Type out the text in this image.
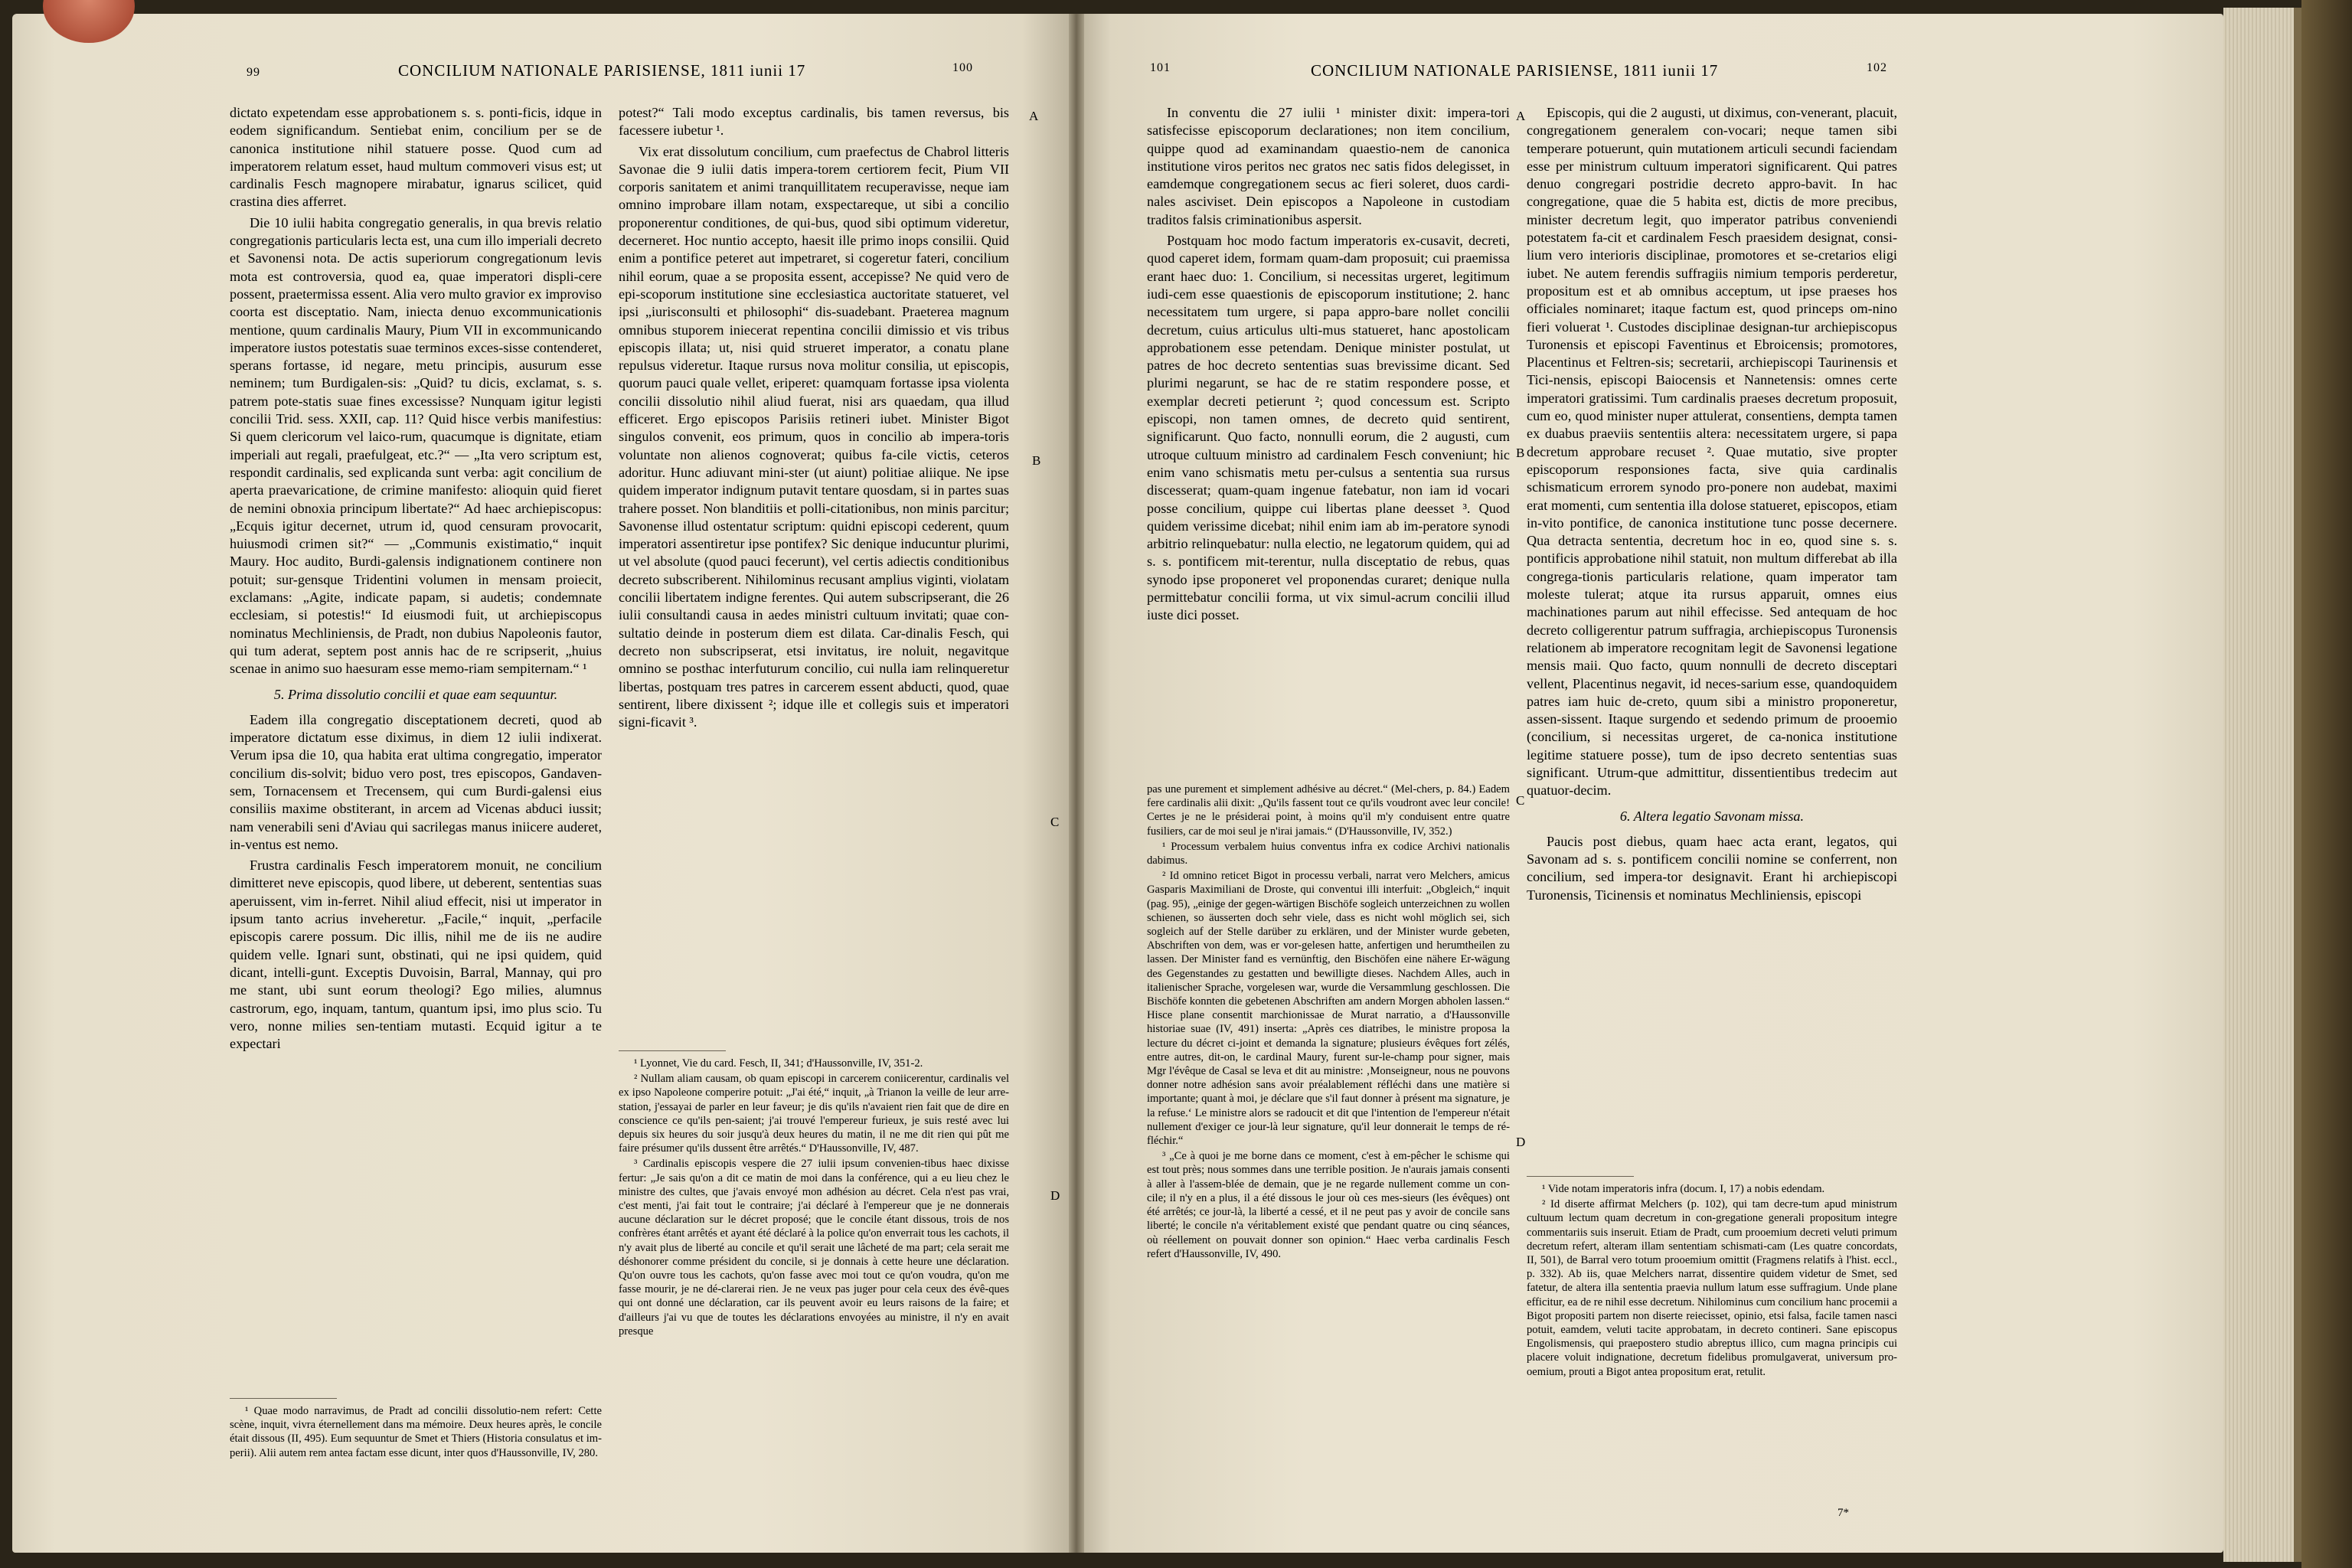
99	CONCILIUM NATIONALE PARISIENSE, 1811 iunii 17	100	101	CONCILIUM NATIONALE PARISIENSE, 1811 iunii 17	102
A
B
C
D
A
B
C
D

dictato expetendam esse approbationem s. s. ponti-ficis, idque in eodem significandum. Sentiebat enim, concilium per se de canonica institutione nihil statuere posse. Quod cum ad imperatorem relatum esset, haud multum commoveri visus est; ut cardinalis Fesch magnopere mirabatur, ignarus scilicet, quid crastina dies afferret.

Die 10 iulii habita congregatio generalis, in qua brevis relatio congregationis particularis lecta est, una cum illo imperiali decreto et Savonensi nota. De actis superiorum congregationum levis mota est controversia, quod ea, quae imperatori displi-cere possent, praetermissa essent. Alia vero multo gravior ex improviso coorta est disceptatio. Nam, iniecta denuo excommunicationis mentione, quum cardinalis Maury, Pium VII in excommunicando imperatore iustos potestatis suae terminos exces-sisse contenderet, sperans fortasse, id negare, metu principis, ausurum esse neminem; tum Burdigalen-sis: „Quid? tu dicis, exclamat, s. s. patrem pote-statis suae fines excessisse? Nunquam igitur legisti concilii Trid. sess. XXII, cap. 11? Quid hisce verbis manifestius: Si quem clericorum vel laico-rum, quacumque is dignitate, etiam imperiali aut regali, praefulgeat, etc.?“ — „Ita vero scriptum est, respondit cardinalis, sed explicanda sunt verba: agit concilium de aperta praevaricatione, de crimine manifesto: alioquin quid fieret de nemini obnoxia principum libertate?“ Ad haec archiepiscopus: „Ecquis igitur decernet, utrum id, quod censuram provocarit, huiusmodi crimen sit?“ — „Communis existimatio,“ inquit Maury. Hoc audito, Burdi-galensis indignationem continere non potuit; sur-gensque Tridentini volumen in mensam proiecit, exclamans: „Agite, indicate papam, si audetis; condemnate ecclesiam, si potestis!“ Id eiusmodi fuit, ut archiepiscopus nominatus Mechliniensis, de Pradt, non dubius Napoleonis fautor, qui tum aderat, septem post annis hac de re scripserit, „huius scenae in animo suo haesuram esse memo-riam sempiternam.“ ¹

5. Prima dissolutio concilii et quae eam sequuntur.

Eadem illa congregatio disceptationem decreti, quod ab imperatore dictatum esse diximus, in diem 12 iulii indixerat. Verum ipsa die 10, qua habita erat ultima congregatio, imperator concilium dis-solvit; biduo vero post, tres episcopos, Gandaven-sem, Tornacensem et Trecensem, qui cum Burdi-galensi eius consiliis maxime obstiterant, in arcem ad Vicenas abduci iussit; nam venerabili seni d'Aviau qui sacrilegas manus iniicere auderet, in-ventus est nemo.

Frustra cardinalis Fesch imperatorem monuit, ne concilium dimitteret neve episcopis, quod libere, ut deberent, sententias suas aperuissent, vim in-ferret. Nihil aliud effecit, nisi ut imperator in ipsum tanto acrius inveheretur. „Facile,“ inquit, „perfacile episcopis carere possum. Dic illis, nihil me de iis ne audire quidem velle. Ignari sunt, obstinati, qui ne ipsi quidem, quid dicant, intelli-gunt. Exceptis Duvoisin, Barral, Mannay, qui pro me stant, ubi sunt eorum theologi? Ego milies, alumnus castrorum, ego, inquam, tantum, quantum ipsi, imo plus scio. Tu vero, nonne milies sen-tentiam mutasti. Ecquid igitur a te expectari

¹ Quae modo narravimus, de Pradt ad concilii dissolutio-nem refert: Cette scène, inquit, vivra éternellement dans ma mémoire. Deux heures après, le concile était dissous (II, 495). Eum sequuntur de Smet et Thiers (Historia consulatus et im-perii). Alii autem rem antea factam esse dicunt, inter quos d'Haussonville, IV, 280.

potest?“ Tali modo exceptus cardinalis, bis tamen reversus, bis facessere iubetur ¹.

Vix erat dissolutum concilium, cum praefectus de Chabrol litteris Savonae die 9 iulii datis impera-torem certiorem fecit, Pium VII corporis sanitatem et animi tranquillitatem recuperavisse, neque iam omnino improbare illam notam, exspectareque, ut sibi a concilio proponerentur conditiones, de qui-bus, quod sibi optimum videretur, decerneret. Hoc nuntio accepto, haesit ille primo inops consilii. Quid enim a pontifice peteret aut impetraret, si cogeretur fateri, concilium nihil eorum, quae a se proposita essent, accepisse? Ne quid vero de epi-scoporum institutione sine ecclesiastica auctoritate statueret, vel ipsi „iurisconsulti et philosophi“ dis-suadebant. Praeterea magnum omnibus stuporem iniecerat repentina concilii dimissio et vis tribus episcopis illata; ut, nisi quid strueret imperator, a conatu plane repulsus videretur. Itaque rursus nova molitur consilia, ut episcopis, quorum pauci quale vellet, eriperet: quamquam fortasse ipsa violenta concilii dissolutio nihil aliud fuerat, nisi ars quaedam, qua illud efficeret. Ergo episcopos Parisiis retineri iubet. Minister Bigot singulos convenit, eos primum, quos in concilio ab impera-toris voluntate non alienos cognoverat; quibus fa-cile victis, ceteros adoritur. Hunc adiuvant mini-ster (ut aiunt) politiae aliique. Ne ipse quidem imperator indignum putavit tentare quosdam, si in partes suas trahere posset. Non blanditiis et polli-citationibus, non minis parcitur; Savonense illud ostentatur scriptum: quidni episcopi cederent, quum imperatori assentiretur ipse pontifex? Sic denique inducuntur plurimi, ut vel absolute (quod pauci fecerunt), vel certis adiectis conditionibus decreto subscriberent. Nihilominus recusant amplius viginti, violatam concilii libertatem indigne ferentes. Qui autem subscripserant, die 26 iulii consultandi causa in aedes ministri cultuum invitati; quae con-sultatio deinde in posterum diem est dilata. Car-dinalis Fesch, qui decreto non subscripserat, etsi invitatus, ire noluit, negavitque omnino se posthac interfuturum concilio, cui nulla iam relinqueretur libertas, postquam tres patres in carcerem essent abducti, quod, quae sentirent, libere dixissent ²; idque ille et collegis suis et imperatori signi-ficavit ³.

¹ Lyonnet, Vie du card. Fesch, II, 341; d'Haussonville, IV, 351-2.

² Nullam aliam causam, ob quam episcopi in carcerem coniicerentur, cardinalis vel ex ipso Napoleone comperire potuit: „J'ai été,“ inquit, „à Trianon la veille de leur arre-station, j'essayai de parler en leur faveur; je dis qu'ils n'avaient rien fait que de dire en conscience ce qu'ils pen-saient; j'ai trouvé l'empereur furieux, je suis resté avec lui depuis six heures du soir jusqu'à deux heures du matin, il ne me dit rien qui pût me faire présumer qu'ils dussent être arrêtés.“ D'Haussonville, IV, 487.

³ Cardinalis episcopis vespere die 27 iulii ipsum convenien-tibus haec dixisse fertur: „Je sais qu'on a dit ce matin de moi dans la conférence, qui a eu lieu chez le ministre des cultes, que j'avais envoyé mon adhésion au décret. Cela n'est pas vrai, c'est menti, j'ai fait tout le contraire; j'ai déclaré à l'empereur que je ne donnerais aucune déclaration sur le décret proposé; que le concile étant dissous, trois de nos confrères étant arrêtés et ayant été déclaré à la police qu'on enverrait tous les cachots, il n'y avait plus de liberté au concile et qu'il serait une lâcheté de ma part; cela serait me déshonorer comme président du concile, si je donnais à cette heure une déclaration. Qu'on ouvre tous les cachots, qu'on fasse avec moi tout ce qu'on voudra, qu'on me fasse mourir, je ne dé-clarerai rien. Je ne veux pas juger pour cela ceux des évê-ques qui ont donné une déclaration, car ils peuvent avoir eu leurs raisons de la faire; et d'ailleurs j'ai vu que de toutes les déclarations envoyées au ministre, il n'y en avait presque

In conventu die 27 iulii ¹ minister dixit: impera-tori satisfecisse episcoporum declarationes; non item concilium, quippe quod ad examinandam quaestio-nem de canonica institutione viros peritos nec gratos nec satis fidos delegisset, in eamdemque congregationem secus ac fieri soleret, duos cardi-nales asciviset. Dein episcopos a Napoleone in custodiam traditos falsis criminationibus aspersit.

Postquam hoc modo factum imperatoris ex-cusavit, decreti, quod caperet idem, formam quam-dam proposuit; cui praemissa erant haec duo: 1. Concilium, si necessitas urgeret, legitimum iudi-cem esse quaestionis de episcoporum institutione; 2. hanc necessitatem tum urgere, si papa appro-bare nollet concilii decretum, cuius articulus ulti-mus statueret, hanc apostolicam approbationem esse petendam. Denique minister postulat, ut patres de hoc decreto sententias suas brevissime dicant. Sed plurimi negarunt, se hac de re statim respondere posse, et exemplar decreti petierunt ²; quod concessum est. Scripto episcopi, non tamen omnes, de decreto quid sentirent, significarunt. Quo facto, nonnulli eorum, die 2 augusti, cum utroque cultuum ministro ad cardinalem Fesch conveniunt; hic enim vano schismatis metu per-culsus a sententia sua rursus discesserat; quam-quam ingenue fatebatur, non iam id vocari posse concilium, quippe cui libertas plane deesset ³. Quod quidem verissime dicebat; nihil enim iam ab im-peratore synodi arbitrio relinquebatur: nulla electio, ne legatorum quidem, qui ad s. s. pontificem mit-terentur, nulla disceptatio de rebus, quas synodo ipse proponeret vel proponendas curaret; denique nulla permittebatur concilii forma, ut vix simul-acrum concilii illud iuste dici posset.

pas une purement et simplement adhésive au décret.“ (Mel-chers, p. 84.) Eadem fere cardinalis alii dixit: „Qu'ils fassent tout ce qu'ils voudront avec leur concile! Certes je ne le présiderai point, à moins qu'il m'y conduisent entre quatre fusiliers, car de moi seul je n'irai jamais.“ (D'Haussonville, IV, 352.)

¹ Processum verbalem huius conventus infra ex codice Archivi nationalis dabimus.

² Id omnino reticet Bigot in processu verbali, narrat vero Melchers, amicus Gasparis Maximiliani de Droste, qui conventui illi interfuit: „Obgleich,“ inquit (pag. 95), „einige der gegen-wärtigen Bischöfe sogleich unterzeichnen zu wollen schienen, so äusserten doch sehr viele, dass es nicht wohl möglich sei, sich sogleich auf der Stelle darüber zu erklären, und der Minister wurde gebeten, Abschriften von dem, was er vor-gelesen hatte, anfertigen und herumtheilen zu lassen. Der Minister fand es vernünftig, den Bischöfen eine nähere Er-wägung des Gegenstandes zu gestatten und bewilligte dieses. Nachdem Alles, auch in italienischer Sprache, vorgelesen war, wurde die Versammlung geschlossen. Die Bischöfe konnten die gebetenen Abschriften am andern Morgen abholen lassen.“ Hisce plane consentit marchionissae de Murat narratio, a d'Haussonville historiae suae (IV, 491) inserta: „Après ces diatribes, le ministre proposa la lecture du décret ci-joint et demanda la signature; plusieurs évêques fort zélés, entre autres, dit-on, le cardinal Maury, furent sur-le-champ pour signer, mais Mgr l'évêque de Casal se leva et dit au ministre: ‚Monseigneur, nous ne pouvons donner notre adhésion sans avoir préalablement réfléchi dans une matière si importante; quant à moi, je déclare que s'il faut donner à présent ma signature, je la refuse.‘ Le ministre alors se radoucit et dit que l'intention de l'empereur n'était nullement d'exiger ce jour-là leur signature, qu'il leur donnerait le temps de ré-fléchir.“

³ „Ce à quoi je me borne dans ce moment, c'est à em-pêcher le schisme qui est tout près; nous sommes dans une terrible position. Je n'aurais jamais consenti à aller à l'assem-blée de demain, que je ne regarde nullement comme un con-cile; il n'y en a plus, il a été dissous le jour où ces mes-sieurs (les évêques) ont été arrêtés; ce jour-là, la liberté a cessé, et il ne peut pas y avoir de concile sans liberté; le concile n'a véritablement existé que pendant quatre ou cinq séances, où réellement on pouvait donner son opinion.“ Haec verba cardinalis Fesch refert d'Haussonville, IV, 490.

Episcopis, qui die 2 augusti, ut diximus, con-venerant, placuit, congregationem generalem con-vocari; neque tamen sibi temperare potuerunt, quin mutationem articuli secundi faciendam esse per ministrum cultuum imperatori significarent. Qui patres denuo congregari postridie decreto appro-bavit. In hac congregatione, quae die 5 habita est, dictis de more precibus, minister decretum legit, quo imperator patribus conveniendi potestatem fa-cit et cardinalem Fesch praesidem designat, consi-lium vero interioris disciplinae, promotores et se-cretarios eligi iubet. Ne autem ferendis suffragiis nimium temporis perderetur, propositum est et ab omnibus acceptum, ut ipse praeses hos officiales nominaret; itaque factum est, quod princeps om-nino fieri voluerat ¹. Custodes disciplinae designan-tur archiepiscopus Turonensis et episcopi Faventinus et Ebroicensis; promotores, Placentinus et Feltren-sis; secretarii, archiepiscopi Taurinensis et Tici-nensis, episcopi Baiocensis et Nannetensis: omnes certe imperatori gratissimi. Tum cardinalis praeses decretum proposuit, cum eo, quod minister nuper attulerat, consentiens, dempta tamen ex duabus praeviis sententiis altera: necessitatem urgere, si papa decretum approbare recuset ². Quae mutatio, sive propter episcoporum responsiones facta, sive quia cardinalis schismaticum errorem synodo pro-ponere non audebat, maximi erat momenti, cum sententia illa dolose statueret, episcopos, etiam in-vito pontifice, de canonica institutione tunc posse decernere. Qua detracta sententia, decretum hoc in eo, quod sine s. s. pontificis approbatione nihil statuit, non multum differebat ab illa congrega-tionis particularis relatione, quam imperator tam moleste tulerat; atque ita rursus apparuit, omnes eius machinationes parum aut nihil effecisse. Sed antequam de hoc decreto colligerentur patrum suffragia, archiepiscopus Turonensis relationem ab imperatore recognitam legit de Savonensi legatione mensis maii. Quo facto, quum nonnulli de decreto disceptari vellent, Placentinus negavit, id neces-sarium esse, quandoquidem patres iam huic de-creto, quum sibi a ministro proponeretur, assen-sissent. Itaque surgendo et sedendo primum de prooemio (concilium, si necessitas urgeret, de ca-nonica institutione legitime statuere posse), tum de ipso decreto sententias suas significant. Utrum-que admittitur, dissentientibus tredecim aut quatuor-decim.

6. Altera legatio Savonam missa.

Paucis post diebus, quam haec acta erant, legatos, qui Savonam ad s. s. pontificem concilii nomine se conferrent, non concilium, sed impera-tor designavit. Erant hi archiepiscopi Turonensis, Ticinensis et nominatus Mechliniensis, episcopi

¹ Vide notam imperatoris infra (docum. I, 17) a nobis edendam.

² Id diserte affirmat Melchers (p. 102), qui tam decre-tum apud ministrum cultuum lectum quam decretum in con-gregatione generali propositum integre commentariis suis inseruit. Etiam de Pradt, cum prooemium decreti veluti primum decretum refert, alteram illam sententiam schismati-cam (Les quatre concordats, II, 501), de Barral vero totum prooemium omittit (Fragmens relatifs à l'hist. eccl., p. 332). Ab iis, quae Melchers narrat, dissentire quidem videtur de Smet, sed fatetur, de altera illa sententia praevia nullum latum esse suffragium. Unde plane efficitur, ea de re nihil esse decretum. Nihilominus cum concilium hanc procemii a Bigot propositi partem non diserte reiecisset, opinio, etsi falsa, facile tamen nasci potuit, eamdem, veluti tacite approbatam, in decreto contineri. Sane episcopus Engolismensis, qui praepostero studio abreptus illico, cum magna principis cui placere voluit indignatione, decretum fidelibus promulgaverat, universum pro-oemium, prouti a Bigot antea propositum erat, retulit.

7*
